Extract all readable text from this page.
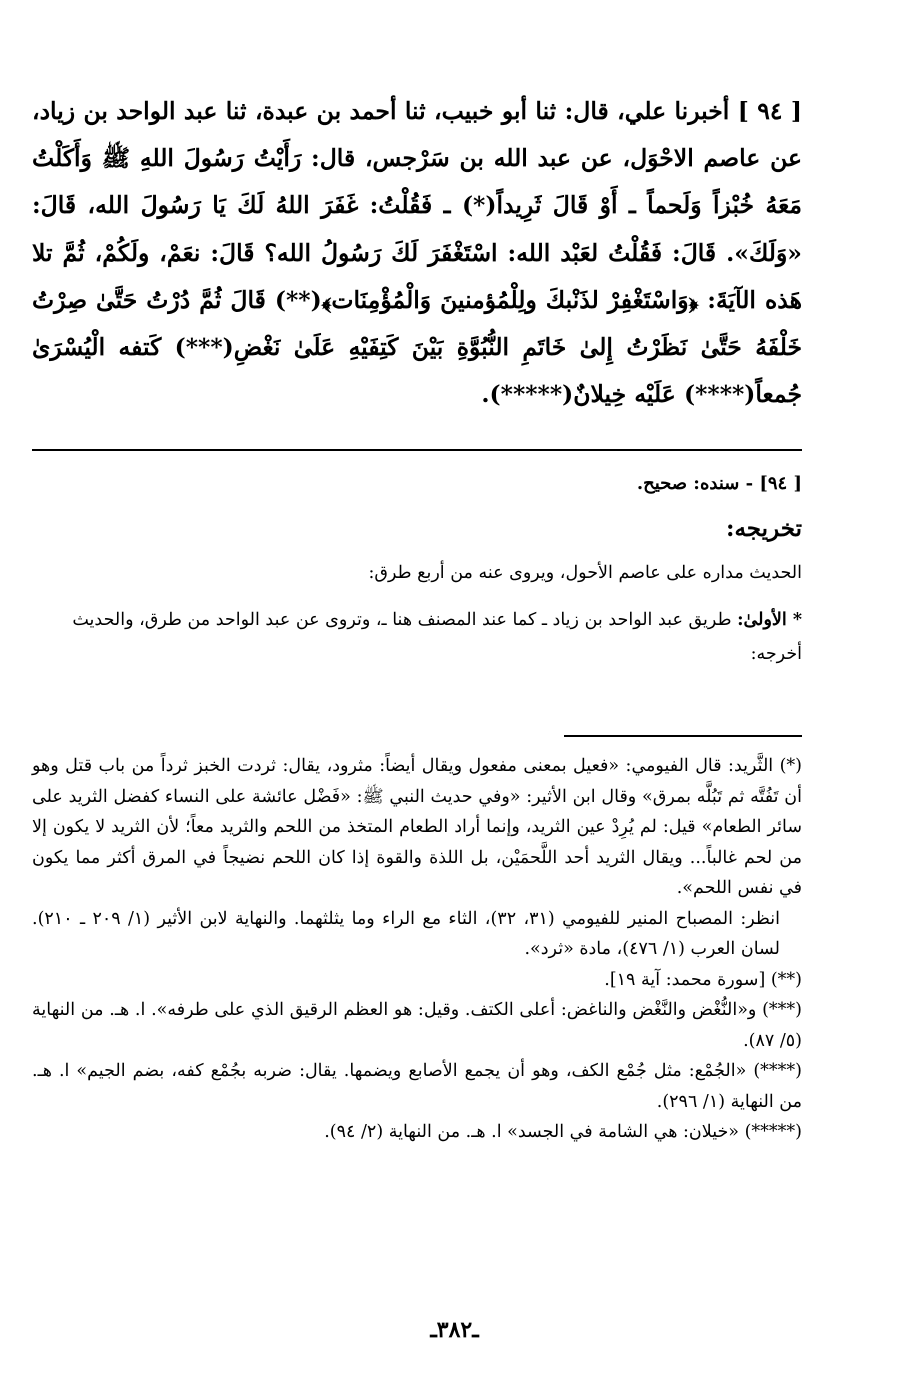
[ ٩٤ ] أخبرنا علي، قال: ثنا أبو خبيب، ثنا أحمد بن عبدة، ثنا عبد الواحد بن زياد، عن عاصم الاحْوَل، عن عبد الله بن سَرْجس، قال: رَأَيْتُ رَسُولَ اللهِ ﷺ وَأَكَلْتُ مَعَهُ خُبْزاً وَلَحماً ـ أَوْ قَالَ ثَرِيداً(*) ـ فَقُلْتُ: غَفَرَ اللهُ لَكَ يَا رَسُولَ الله، قَالَ: «وَلَكَ». قَالَ: فَقُلْتُ لعَبْد الله: اسْتَغْفَرَ لَكَ رَسُولُ الله؟ قَالَ: نعَمْ، ولَكُمْ، ثُمَّ تلا هَذه الآيَةَ: ﴿وَاسْتَغْفِرْ لذَنْبكَ ولِلْمُؤمنينَ وَالْمُؤْمِنَات﴾(**) قَالَ ثُمَّ دُرْتُ حَتَّىٰ صِرْتُ خَلْفَهُ حَتَّىٰ نَظَرْتُ إِلىٰ خَاتَمِ النُّبُوَّةِ بَيْنَ كَتِفَيْهِ عَلَىٰ نَغْضِ(***) كَتفه الْيُسْرَىٰ جُمعاً(****) عَلَيْه خِيلانٌ(*****).

[ ٩٤] - سنده: صحيح.
تخريجه:

الحديث مداره على عاصم الأحول، ويروى عنه من أربع طرق:

* الأولىٰ: طريق عبد الواحد بن زياد ـ كما عند المصنف هنا ـ، وتروى عن عبد الواحد من طرق، والحديث أخرجه:

(*) الثَّريد: قال الفيومي: «فعيل بمعنى مفعول ويقال أيضاً: مثرود، يقال: ثردت الخبز ثرداً من باب قتل وهو أن تَفُتَّه ثم تَبُلَّه بمرق» وقال ابن الأثير: «وفي حديث النبي ﷺ: «فَضْل عائشة على النساء كفضل الثريد على سائر الطعام» قيل: لم يُرِدْ عين الثريد، وإنما أراد الطعام المتخذ من اللحم والثريد معاً؛ لأن الثريد لا يكون إلا من لحم غالباً... ويقال الثريد أحد اللَّحمَيْن، بل اللذة والقوة إذا كان اللحم نضيجاً في المرق أكثر مما يكون في نفس اللحم».

انظر: المصباح المنير للفيومي (٣١، ٣٢)، الثاء مع الراء وما يثلثهما. والنهاية لابن الأثير (١/ ٢٠٩ ـ ٢١٠). لسان العرب (١/ ٤٧٦)، مادة «ثرد».

(**) [سورة محمد: آية ١٩].

(***) و«النُّغْض والنَّغْض والناغض: أعلى الكتف. وقيل: هو العظم الرقيق الذي على طرفه». ا. هـ. من النهاية (٥/ ٨٧).

(****) «الجُمْع: مثل جُمْع الكف، وهو أن يجمع الأصابع ويضمها. يقال: ضربه بجُمْع كفه، بضم الجيم» ا. هـ. من النهاية (١/ ٢٩٦).

(*****) «خيلان: هي الشامة في الجسد» ا. هـ. من النهاية (٢/ ٩٤).

ـ٣٨٢ـ
